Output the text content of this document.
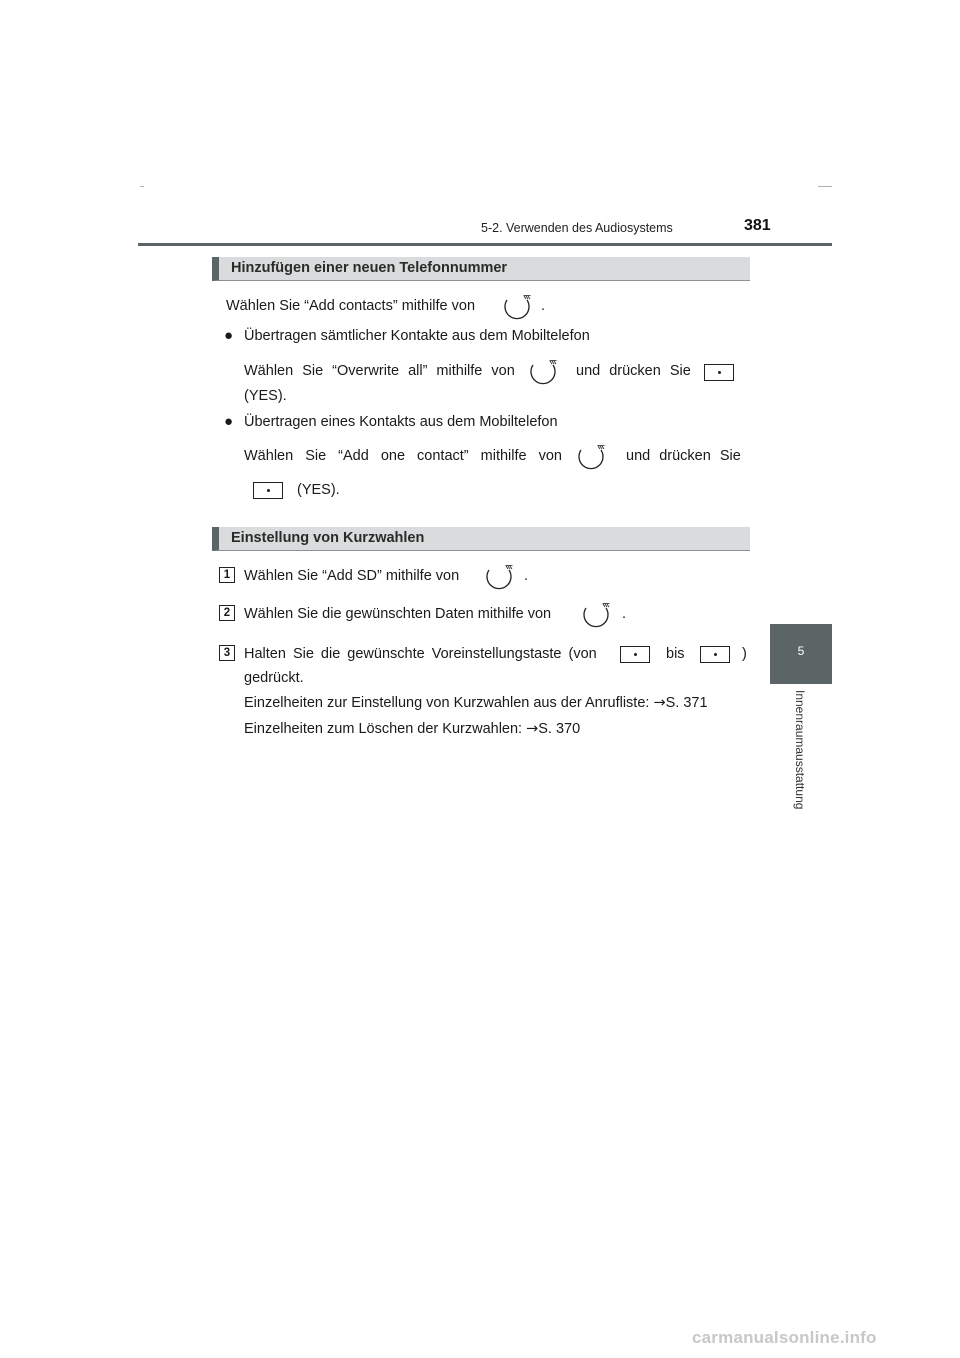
5-2. Verwenden des Audiosystems	381
5
Innenraumausstattung
Hinzufügen einer neuen Telefonnummer
Wählen Sie “Add contacts” mithilfe von	.
● Übertragen sämtlicher Kontakte aus dem Mobiltelefon
Wählen Sie “Overwrite all” mithilfe von	und drücken Sie
(YES).
● Übertragen eines Kontakts aus dem Mobiltelefon
Wählen Sie “Add one contact” mithilfe von	und drücken Sie
(YES).
Einstellung von Kurzwahlen
1 Wählen Sie “Add SD” mithilfe von	.
2 Wählen Sie die gewünschten Daten mithilfe von	.
3 Halten Sie die gewünschte Voreinstellungstaste (von	bis	)
gedrückt.
Einzelheiten zur Einstellung von Kurzwahlen aus der Anrufliste: →S. 371
Einzelheiten zum Löschen der Kurzwahlen: →S. 370
carmanualsonline.info
